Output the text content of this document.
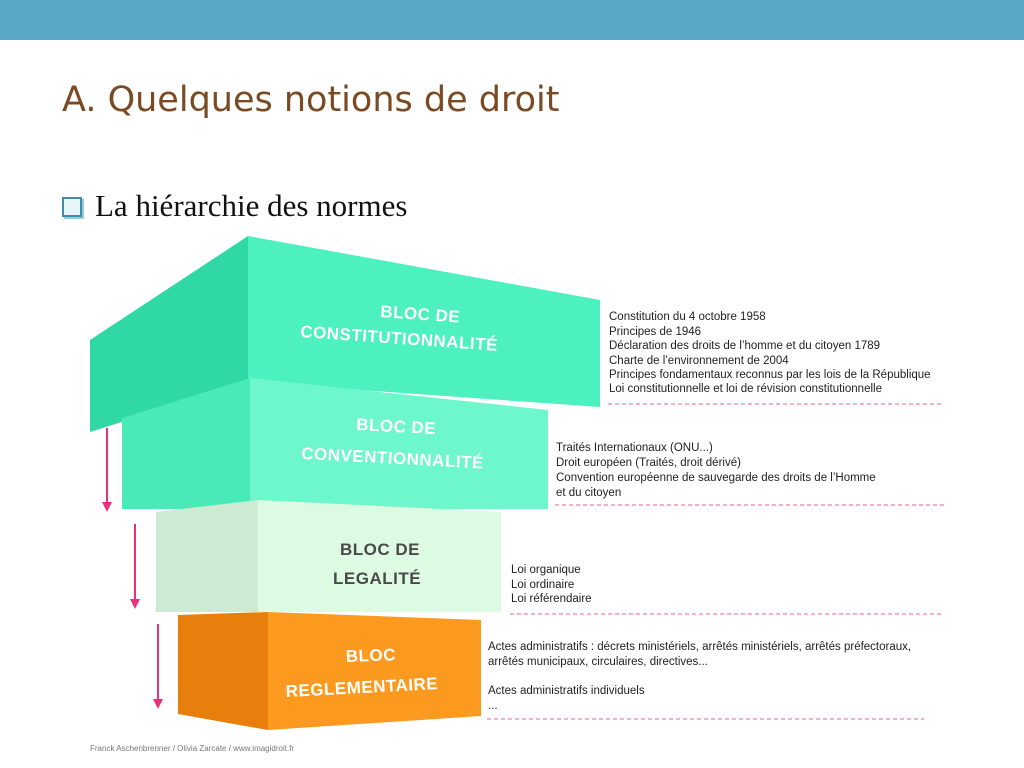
A. Quelques notions de droit
La hiérarchie des normes
BLOC DE
CONSTITUTIONNALITÉ
BLOC DE
CONVENTIONNALITÉ
BLOC DE
LEGALITÉ
BLOC
REGLEMENTAIRE
Constitution du 4 octobre 1958
Principes de 1946
Déclaration des droits de l’homme et du citoyen 1789
Charte de l’environnement de 2004
Principes fondamentaux reconnus par les lois de la République
Loi constitutionnelle et loi de révision constitutionnelle
Traités Internationaux (ONU...)
Droit européen (Traités, droit dérivé)
Convention européenne de sauvegarde des droits de l’Homme
et du citoyen
Loi organique
Loi ordinaire
Loi référendaire
Actes administratifs : décrets ministériels, arrêtés ministériels, arrêtés préfectoraux,
arrêtés municipaux, circulaires, directives...
Actes administratifs individuels
...
Franck Aschenbrenner / Olivia Zarcate / www.imagidroit.fr
